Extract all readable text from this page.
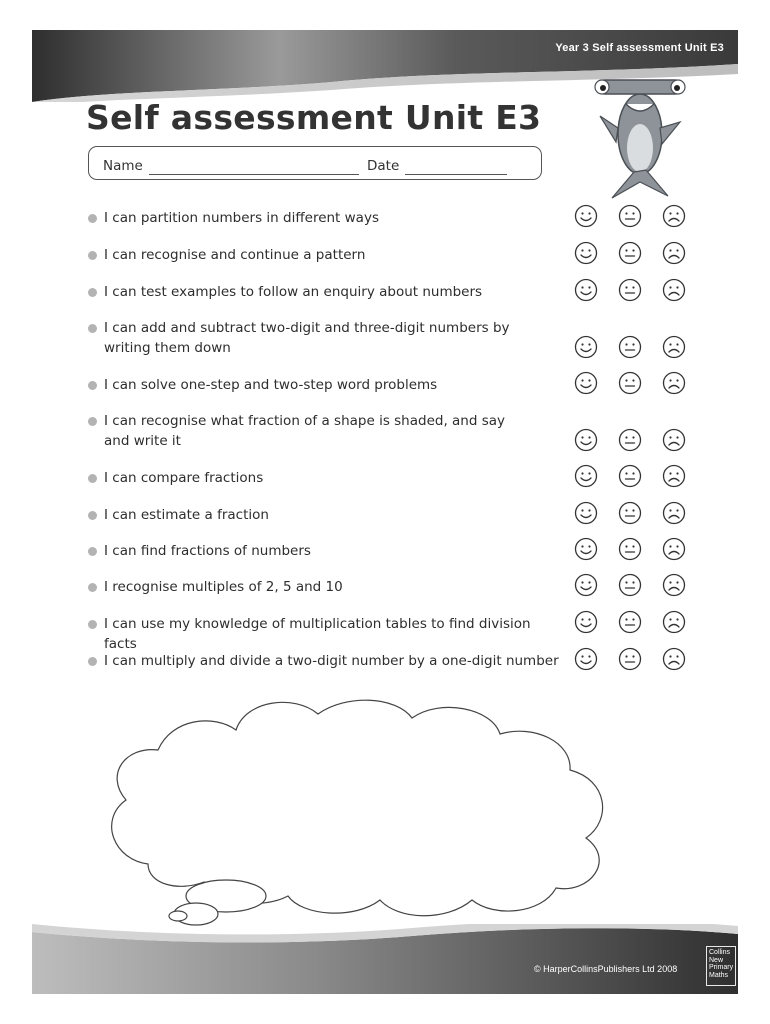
Year 3 Self assessment Unit E3
Self assessment Unit E3
Name	Date
I can partition numbers in different ways
I can recognise and continue a pattern
I can test examples to follow an enquiry about numbers
I can add and subtract two-digit and three-digit numbers by
writing them down
I can solve one-step and two-step word problems
I can recognise what fraction of a shape is shaded, and say
and write it
I can compare fractions
I can estimate a fraction
I can find fractions of numbers
I recognise multiples of 2, 5 and 10
I can use my knowledge of multiplication tables to find division facts
I can multiply and divide a two-digit number by a one-digit number
© HarperCollinsPublishers Ltd 2008
Collins
New
Primary
Maths
